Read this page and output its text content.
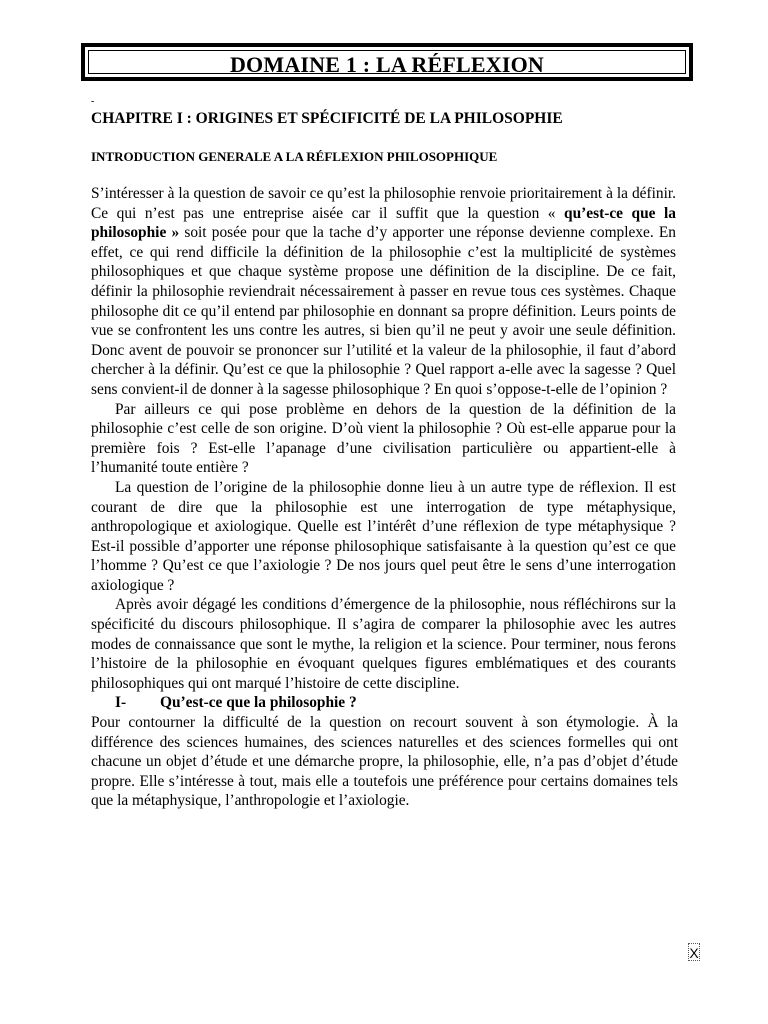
DOMAINE 1 : LA RÉFLEXION
-
CHAPITRE I : ORIGINES ET SPÉCIFICITÉ DE LA PHILOSOPHIE
INTRODUCTION GENERALE A LA RÉFLEXION PHILOSOPHIQUE

S’intéresser à la question de savoir ce qu’est la philosophie renvoie prioritairement à la définir. Ce qui n’est pas une entreprise aisée car il suffit que la question « qu’est-ce que la philosophie » soit posée pour que la tache d’y apporter une réponse devienne complexe. En effet, ce qui rend difficile la définition de la philosophie c’est la multiplicité de systèmes philosophiques et que chaque système propose une définition de la discipline. De ce fait, définir la philosophie reviendrait nécessairement à passer en revue tous ces systèmes. Chaque philosophe dit ce qu’il entend par philosophie en donnant sa propre définition. Leurs points de vue se confrontent les uns contre les autres, si bien qu’il ne peut y avoir une seule définition. Donc avent de pouvoir se prononcer sur l’utilité et la valeur de la philosophie, il faut d’abord chercher à la définir. Qu’est ce que la philosophie ? Quel rapport a-elle avec la sagesse ? Quel sens convient-il de donner à la sagesse philosophique ? En quoi s’oppose-t-elle de l’opinion ?

Par ailleurs ce qui pose problème en dehors de la question de la définition de la philosophie c’est celle de son origine. D’où vient la philosophie ? Où est-elle apparue pour la première fois ? Est-elle l’apanage d’une civilisation particulière ou appartient-elle à l’humanité toute entière ?

La question de l’origine de la philosophie donne lieu à un autre type de réflexion. Il est courant de dire que la philosophie est une interrogation de type métaphysique, anthropologique et axiologique. Quelle est l’intérêt d’une réflexion de type métaphysique ? Est-il possible d’apporter une réponse philosophique satisfaisante à la question qu’est ce que l’homme ? Qu’est ce que l’axiologie ? De nos jours quel peut être le sens d’une interrogation axiologique ?

Après avoir dégagé les conditions d’émergence de la philosophie, nous réfléchirons sur la spécificité du discours philosophique. Il s’agira de comparer la philosophie avec les autres modes de connaissance que sont le mythe, la religion et la science. Pour terminer, nous ferons l’histoire de la philosophie en évoquant quelques figures emblématiques et des courants philosophiques qui ont marqué l’histoire de cette discipline.

I- Qu’est-ce que la philosophie ?

Pour contourner la difficulté de la question on recourt souvent à son étymologie. À la différence des sciences humaines, des sciences naturelles et des sciences formelles qui ont chacune un objet d’étude et une démarche propre, la philosophie, elle, n’a pas d’objet d’étude propre. Elle s’intéresse à tout, mais elle a toutefois une préférence pour certains domaines tels que la métaphysique, l’anthropologie et l’axiologie.

X
